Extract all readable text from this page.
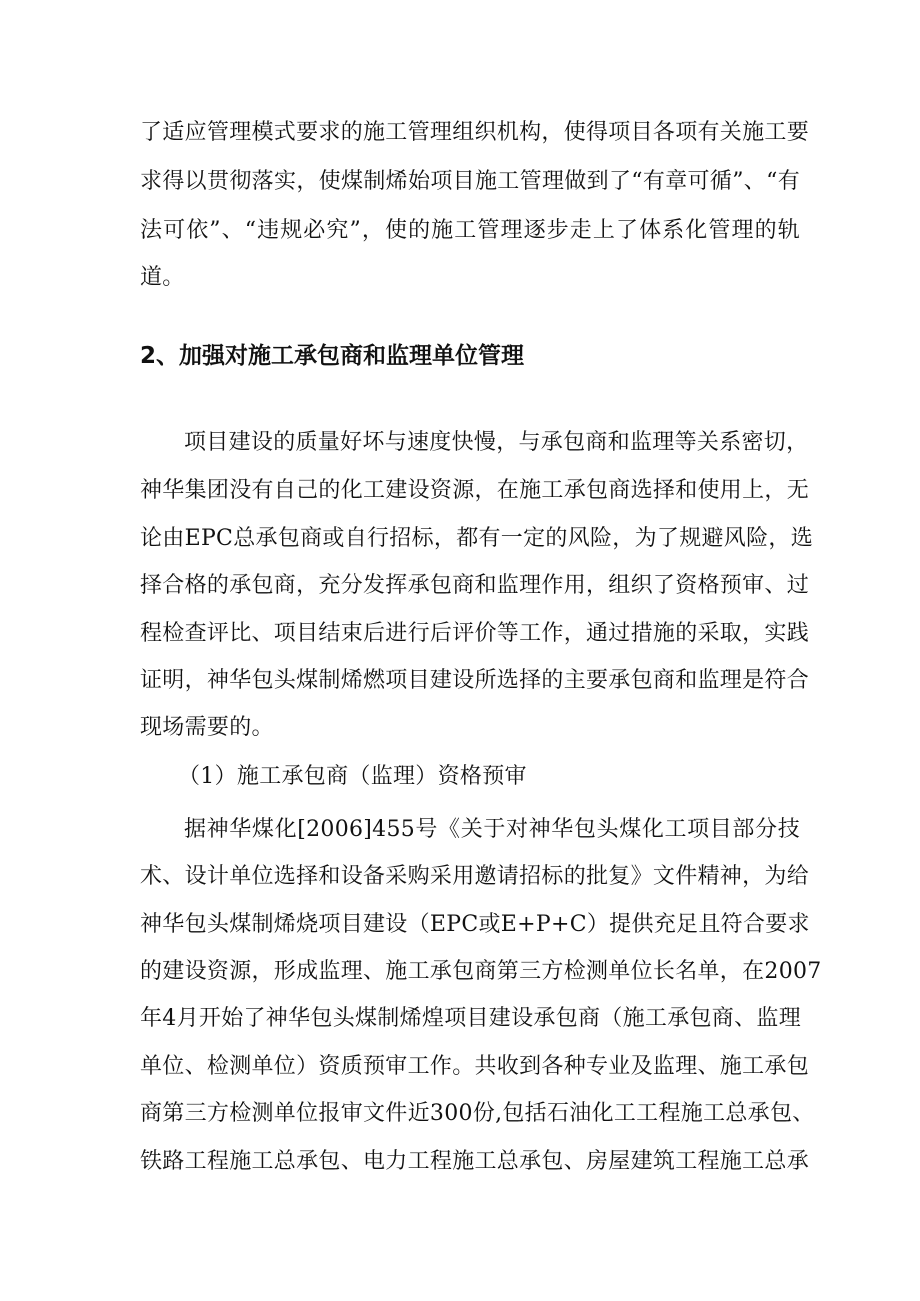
了适应管理模式要求的施工管理组织机构，使得项目各项有关施工要
求得以贯彻落实，使煤制烯始项目施工管理做到了“有章可循”、“有
法可依”、“违规必究”，使的施工管理逐步走上了体系化管理的轨
道。
2、加强对施工承包商和监理单位管理
项目建设的质量好坏与速度快慢，与承包商和监理等关系密切，
神华集团没有自己的化工建设资源，在施工承包商选择和使用上，无
论由EPC总承包商或自行招标，都有一定的风险，为了规避风险，选
择合格的承包商，充分发挥承包商和监理作用，组织了资格预审、过
程检查评比、项目结束后进行后评价等工作，通过措施的采取，实践
证明，神华包头煤制烯燃项目建设所选择的主要承包商和监理是符合
现场需要的。
（1）施工承包商（监理）资格预审
据神华煤化[2006]455号《关于对神华包头煤化工项目部分技
术、设计单位选择和设备采购采用邀请招标的批复》文件精神，为给
神华包头煤制烯烧项目建设（EPC或E+P+C）提供充足且符合要求
的建设资源，形成监理、施工承包商第三方检测单位长名单，在2007
年4月开始了神华包头煤制烯煌项目建设承包商（施工承包商、监理
单位、检测单位）资质预审工作。共收到各种专业及监理、施工承包
商第三方检测单位报审文件近300份,包括石油化工工程施工总承包、
铁路工程施工总承包、电力工程施工总承包、房屋建筑工程施工总承
